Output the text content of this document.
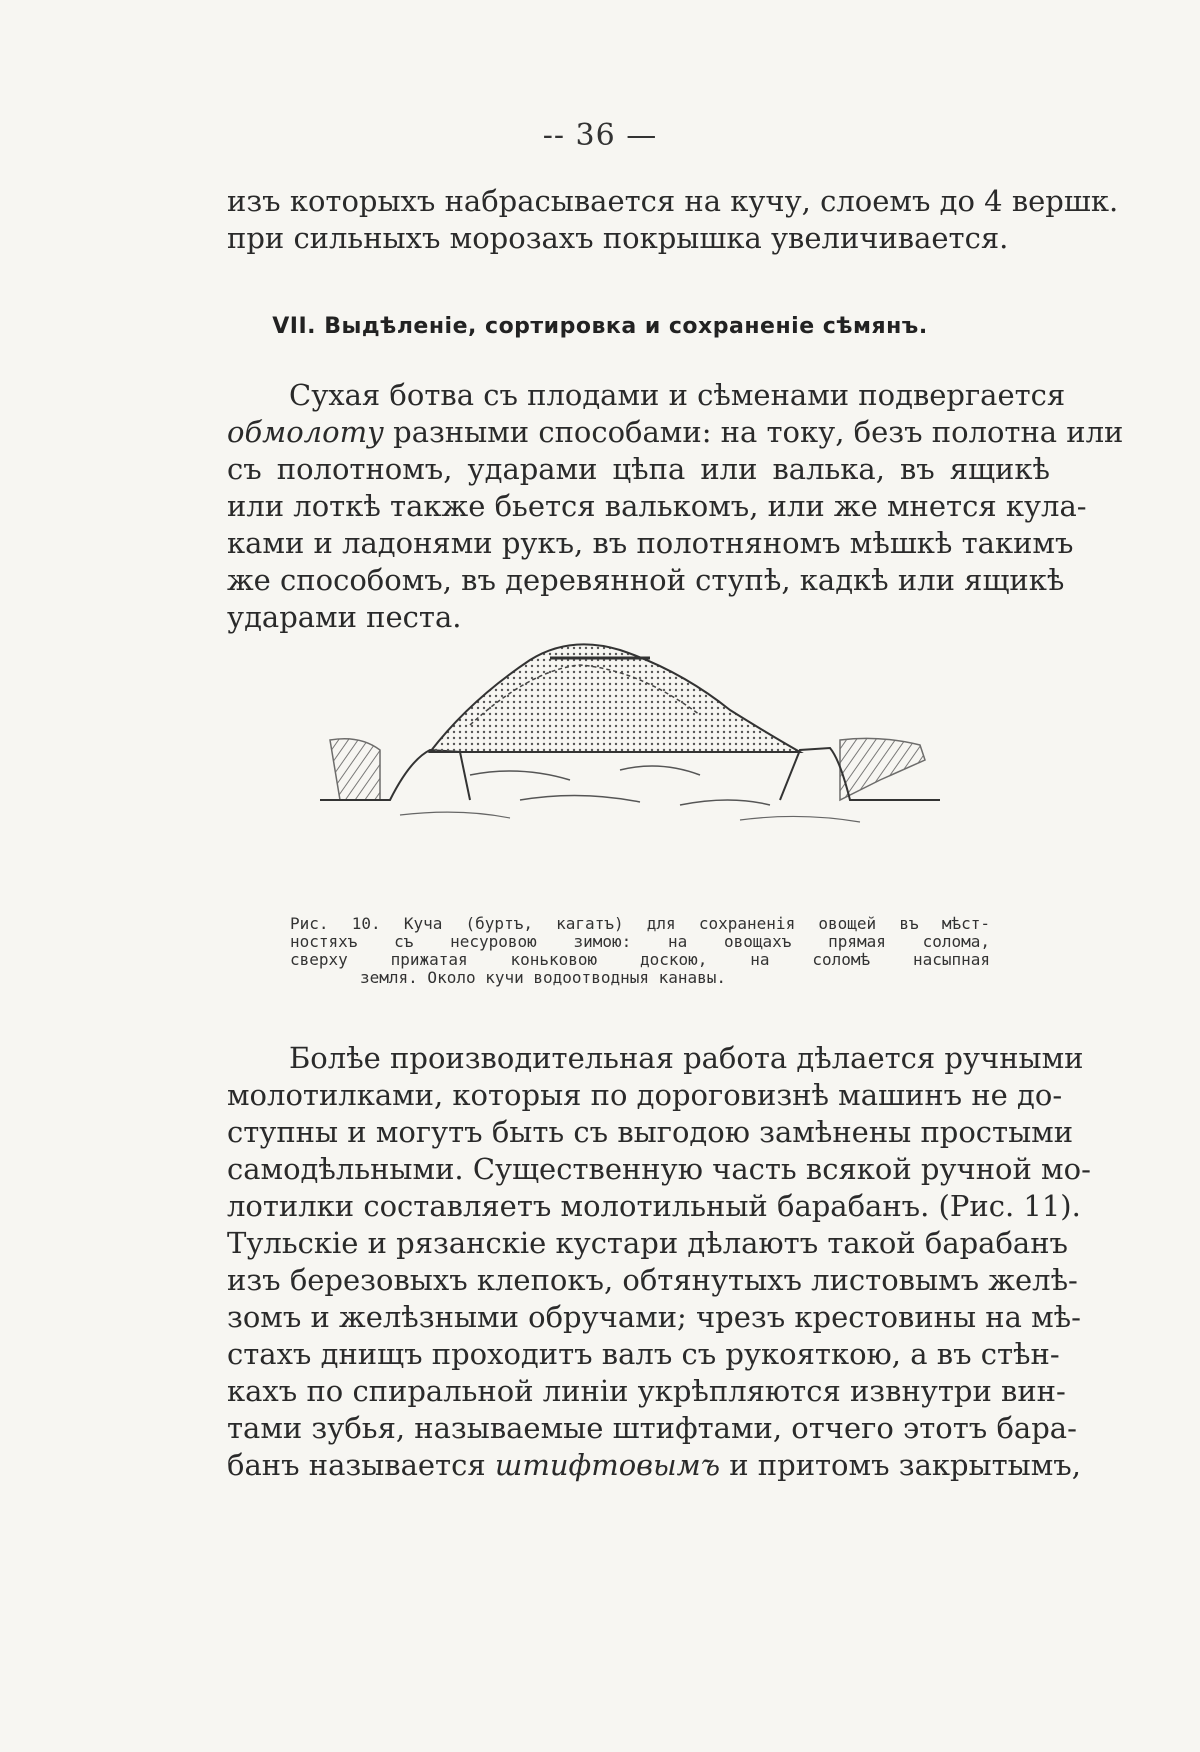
-- 36 —
изъ которыхъ набрасывается на кучу, слоемъ до 4 вершк.
при сильныхъ морозахъ покрышка увеличивается.
VII. Выдѣленіе, сортировка и сохраненіе сѣмянъ.
Сухая ботва съ плодами и сѣменами подвергается
обмолоту разными способами: на току, безъ полотна или
съ полотномъ, ударами цѣпа или валька, въ ящикѣ
или лоткѣ также бьется валькомъ, или же мнется кула-
ками и ладонями рукъ, въ полотняномъ мѣшкѣ такимъ
же способомъ, въ деревянной ступѣ, кадкѣ или ящикѣ
ударами песта.
Рис. 10. Куча (буртъ, кагатъ) для сохраненія овощей въ мѣст-
ностяхъ съ несуровою зимою: на овощахъ прямая солома,
сверху прижатая коньковою доскою, на соломѣ насыпная
земля. Около кучи водоотводныя канавы.
Болѣе производительная работа дѣлается ручными
молотилками, которыя по дороговизнѣ машинъ не до-
ступны и могутъ быть съ выгодою замѣнены простыми
самодѣльными. Существенную часть всякой ручной мо-
лотилки составляетъ молотильный барабанъ. (Рис. 11).
Тульскіе и рязанскіе кустари дѣлаютъ такой барабанъ
изъ березовыхъ клепокъ, обтянутыхъ листовымъ желѣ-
зомъ и желѣзными обручами; чрезъ крестовины на мѣ-
стахъ днищъ проходитъ валъ съ рукояткою, а въ стѣн-
кахъ по спиральной линіи укрѣпляются извнутри вин-
тами зубья, называемые штифтами, отчего этотъ бара-
банъ называется штифтовымъ и притомъ закрытымъ,
